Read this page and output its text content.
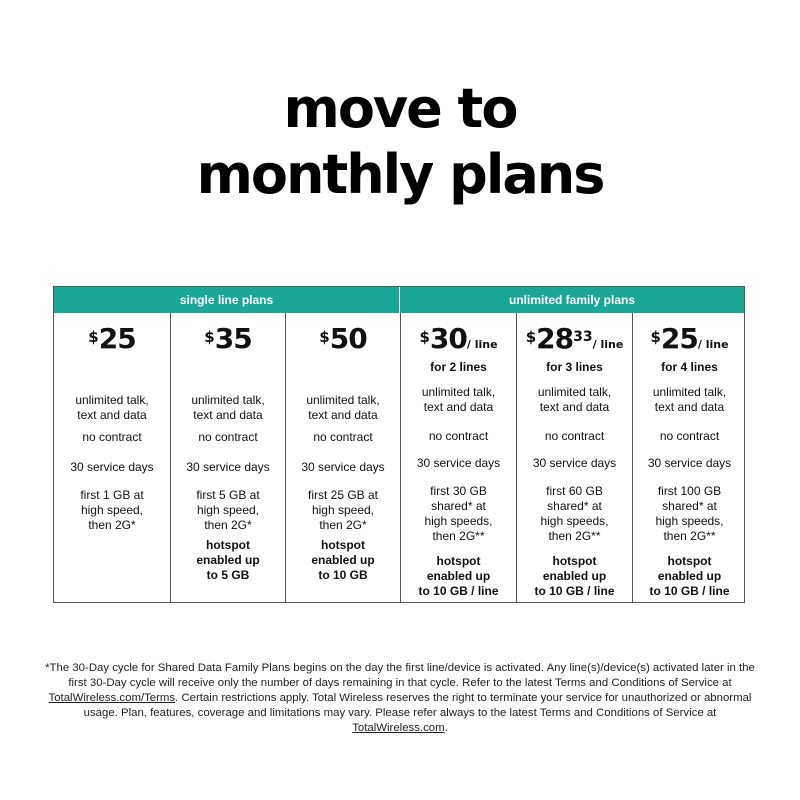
move to
monthly plans
single line plans	unlimited family plans
$25
unlimited talk,
text and data
no contract
30 service days
first 1 GB at
high speed,
then 2G*
$35
unlimited talk,
text and data
no contract
30 service days
first 5 GB at
high speed,
then 2G*
hotspot
enabled up
to 5 GB
$50
unlimited talk,
text and data
no contract
30 service days
first 25 GB at
high speed,
then 2G*
hotspot
enabled up
to 10 GB
$30/ line
for 2 lines
unlimited talk,
text and data
no contract
30 service days
first 30 GB
shared* at
high speeds,
then 2G**
hotspot
enabled up
to 10 GB / line
$^{\$}28^{33}/$ line
for 3 lines
unlimited talk,
text and data
no contract
30 service days
first 60 GB
shared* at
high speeds,
then 2G**
hotspot
enabled up
to 10 GB / line
$25/ line
for 4 lines
unlimited talk,
text and data
no contract
30 service days
first 100 GB
shared* at
high speeds,
then 2G**
hotspot
enabled up
to 10 GB / line
*The 30-Day cycle for Shared Data Family Plans begins on the day the first line/device is activated. Any line(s)/device(s) activated later in the first 30-Day cycle will receive only the number of days remaining in that cycle. Refer to the latest Terms and Conditions of Service at TotalWireless.com/Terms. Certain restrictions apply. Total Wireless reserves the right to terminate your service for unauthorized or abnormal usage. Plan, features, coverage and limitations may vary. Please refer always to the latest Terms and Conditions of Service at TotalWireless.com.
